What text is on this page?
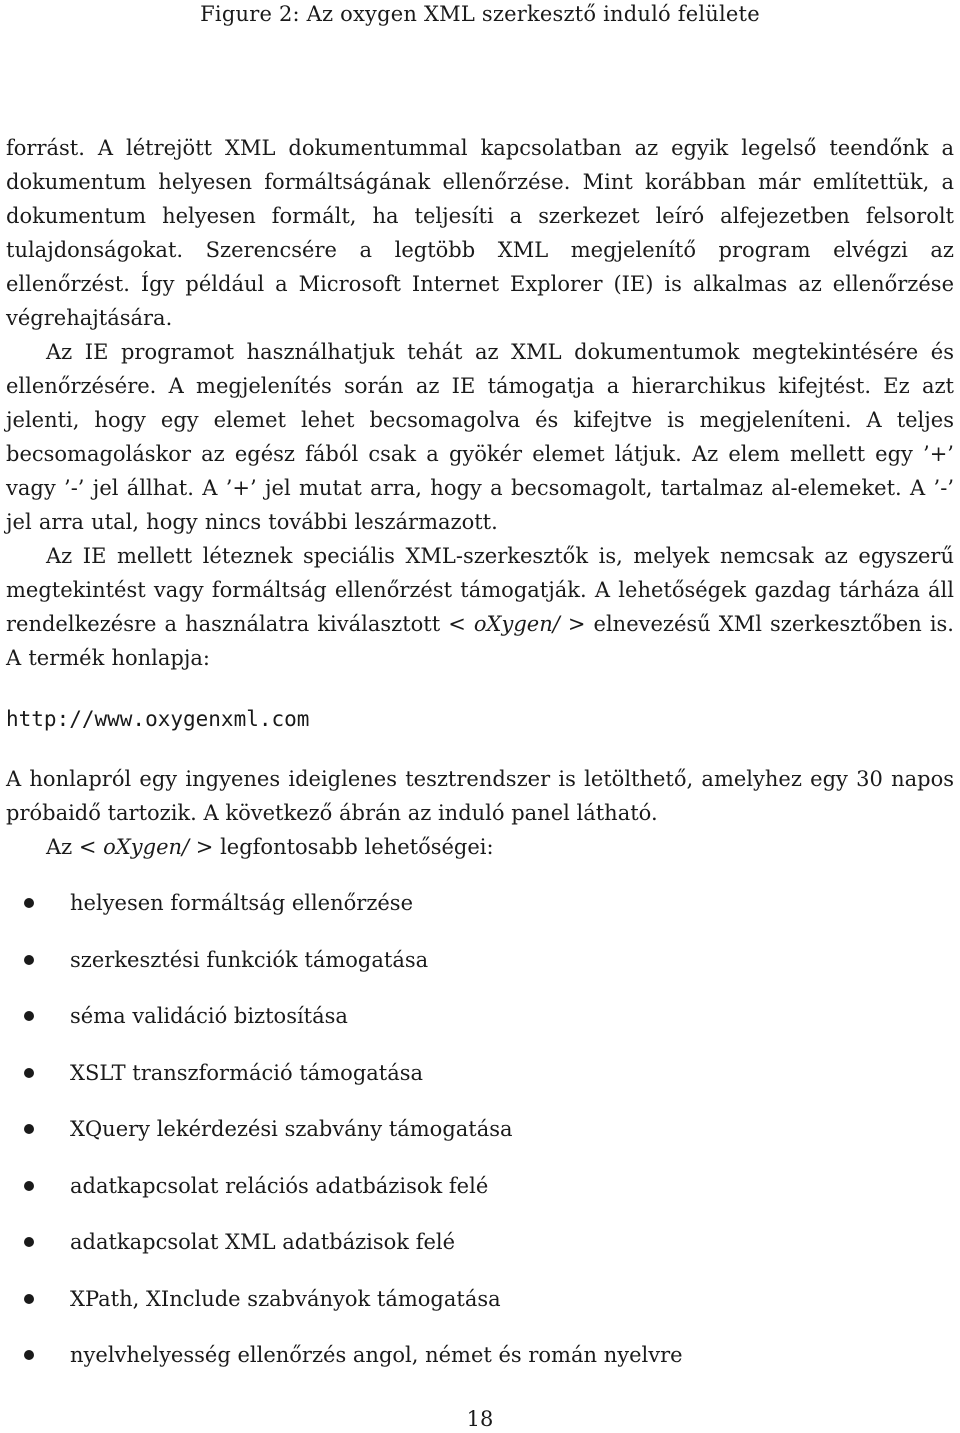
Figure 2: Az oxygen XML szerkesztő induló felülete

forrást. A létrejött XML dokumentummal kapcsolatban az egyik legelső teendőnk a dokumentum helyesen formáltságának ellenőrzése. Mint korábban már említettük, a dokumentum helyesen formált, ha teljesíti a szerkezet leíró alfejezetben felsorolt tulajdonságokat. Szerencsére a legtöbb XML megjelenítő program elvégzi az ellenőrzést. Így például a Microsoft Internet Explorer (IE) is alkalmas az ellenőrzése végrehajtására.

Az IE programot használhatjuk tehát az XML dokumentumok megtekintésére és ellenőrzésére. A megjelenítés során az IE támogatja a hierarchikus kifejtést. Ez azt jelenti, hogy egy elemet lehet becsomagolva és kifejtve is megjeleníteni. A teljes becsomagoláskor az egész fából csak a gyökér elemet látjuk. Az elem mellett egy ’+’ vagy ’-’ jel állhat. A ’+’ jel mutat arra, hogy a becsomagolt, tartalmaz al-elemeket. A ’-’ jel arra utal, hogy nincs további leszármazott.

Az IE mellett léteznek speciális XML-szerkesztők is, melyek nemcsak az egyszerű megtekintést vagy formáltság ellenőrzést támogatják. A lehetőségek gazdag tárháza áll rendelkezésre a használatra kiválasztott < oXygen/ > elnevezésű XMl szerkesztőben is. A termék honlapja:

http://www.oxygenxml.com

A honlapról egy ingyenes ideiglenes tesztrendszer is letölthető, amelyhez egy 30 napos próbaidő tartozik. A következő ábrán az induló panel látható.

Az < oXygen/ > legfontosabb lehetőségei:

helyesen formáltság ellenőrzése
szerkesztési funkciók támogatása
séma validáció biztosítása
XSLT transzformáció támogatása
XQuery lekérdezési szabvány támogatása
adatkapcsolat relációs adatbázisok felé
adatkapcsolat XML adatbázisok felé
XPath, XInclude szabványok támogatása
nyelvhelyesség ellenőrzés angol, német és román nyelvre
18
